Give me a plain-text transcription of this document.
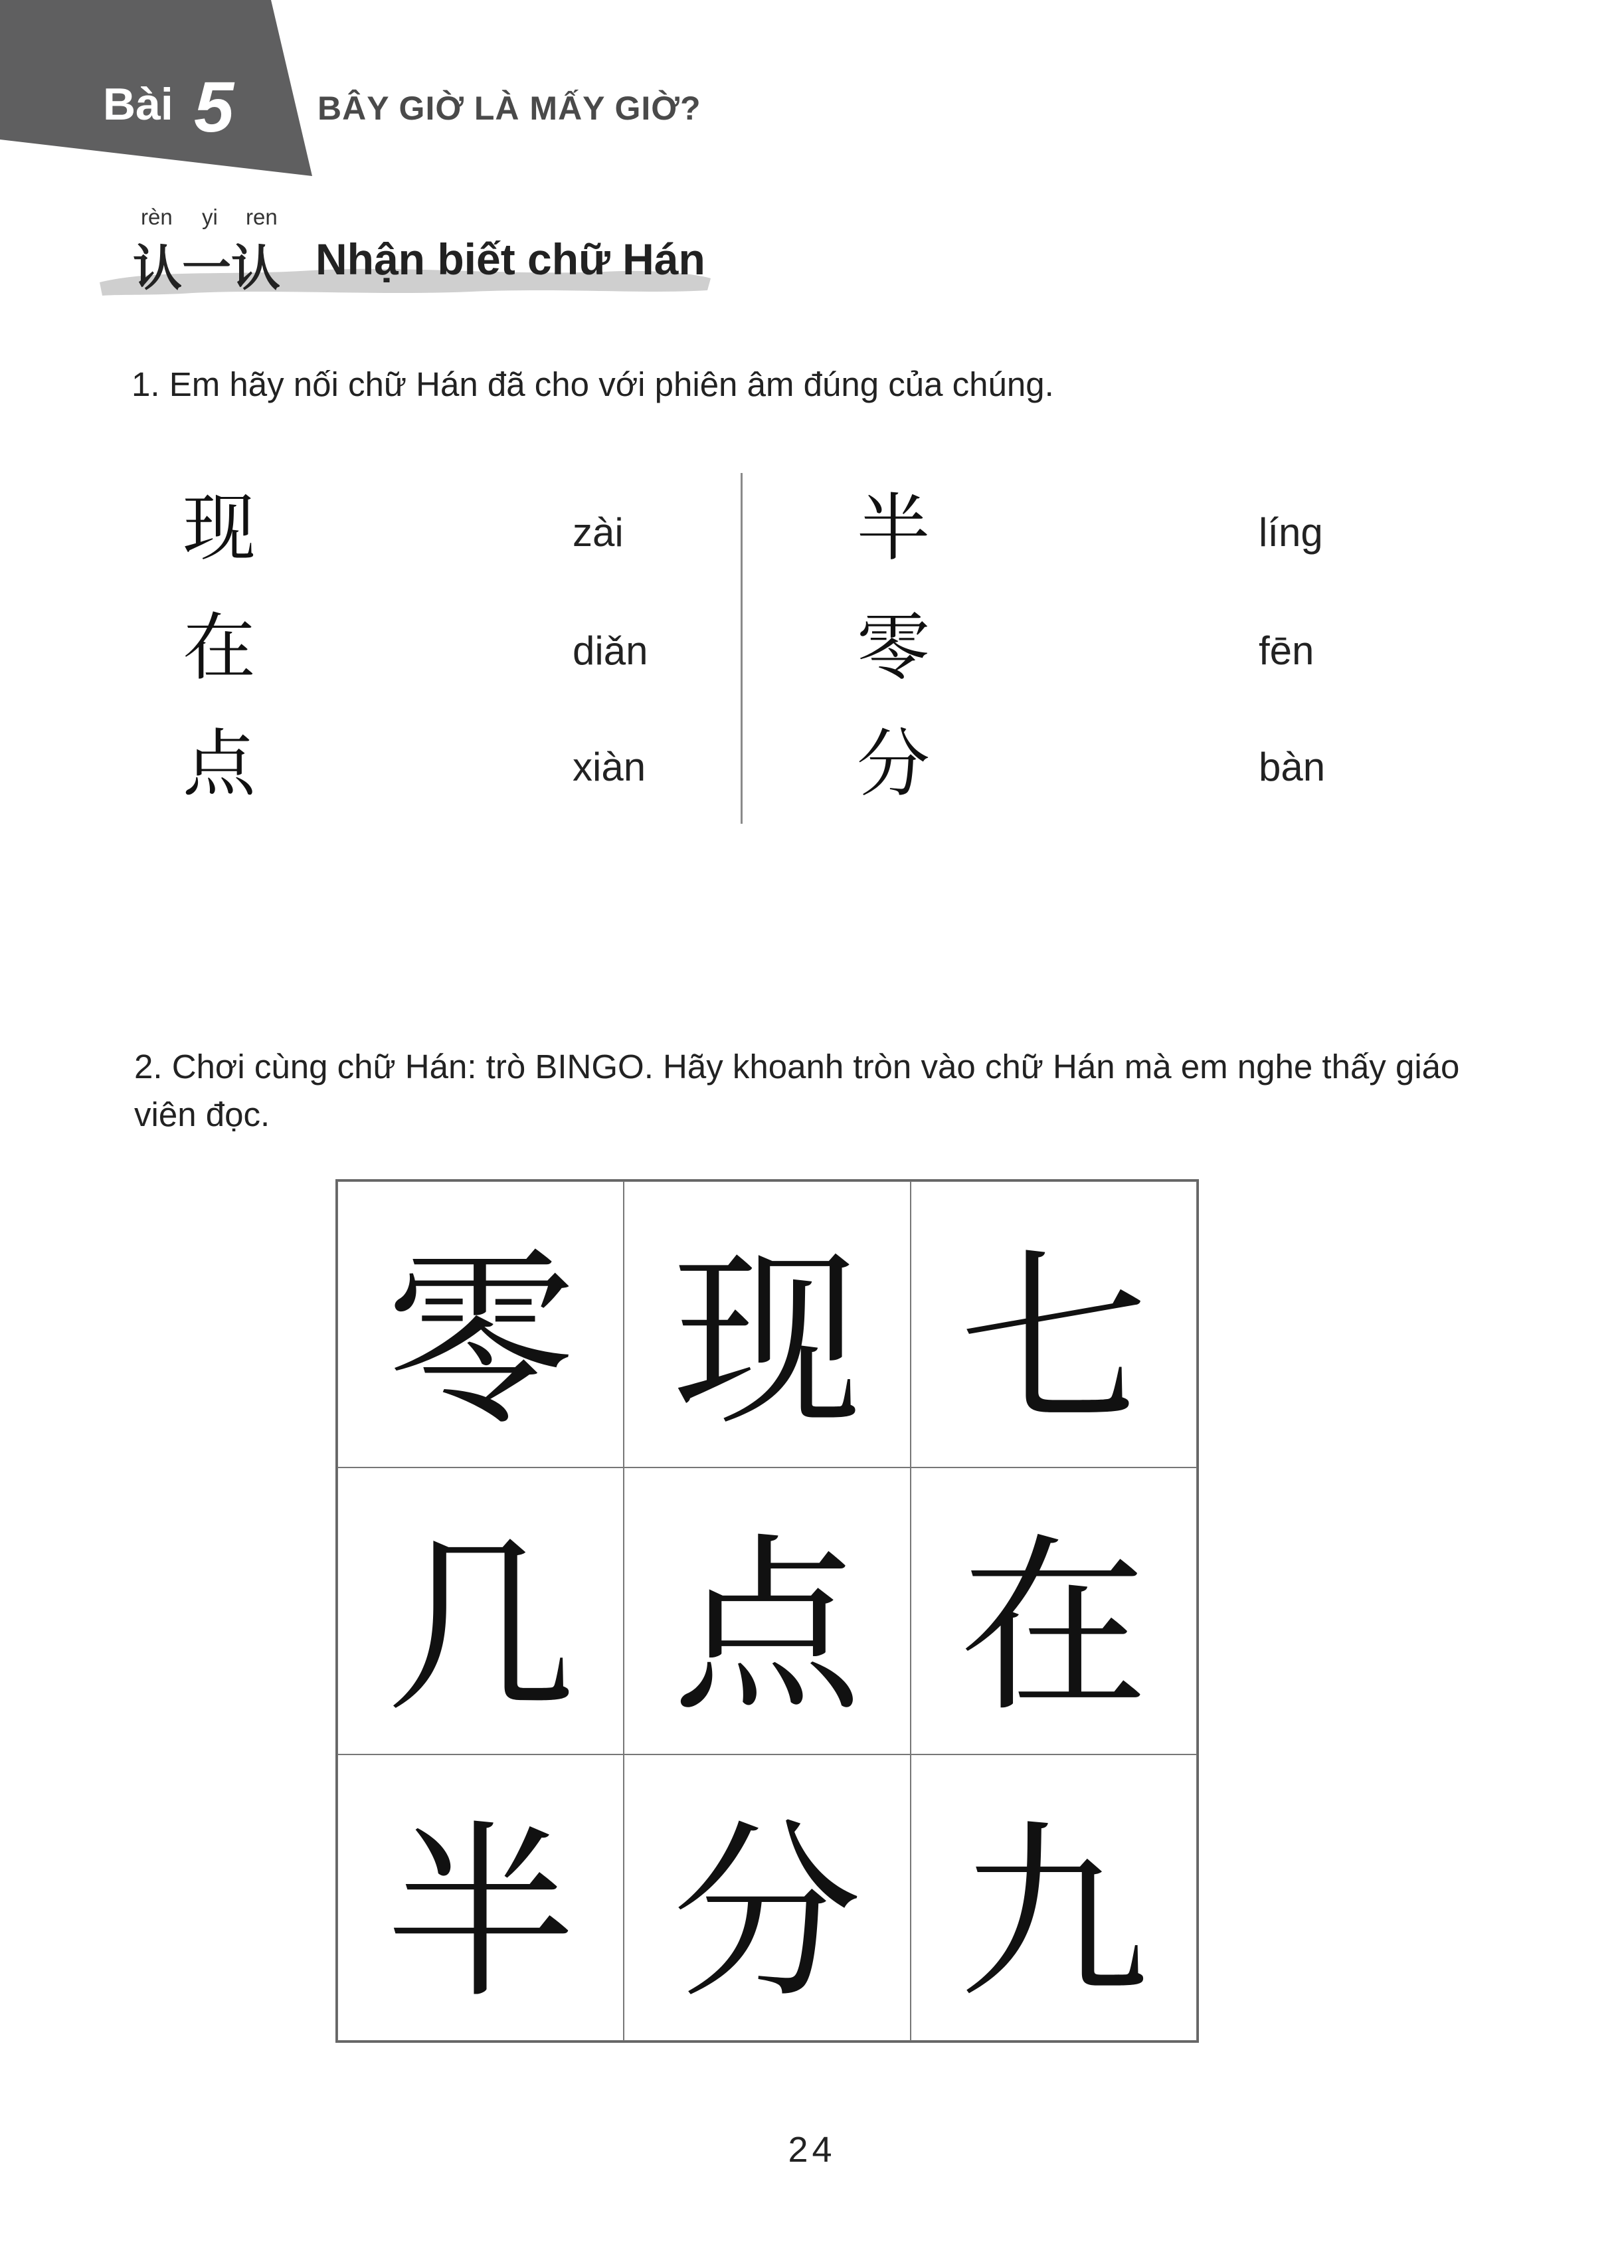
Bài 5	BÂY GIỜ LÀ MẤY GIỜ?
rèn yi ren
认一认 Nhận biết chữ Hán
1. Em hãy nối chữ Hán đã cho với phiên âm đúng của chúng.
现
在
点
zài
diǎn
xiàn
半
零
分
líng
fēn
bàn
2. Chơi cùng chữ Hán: trò BINGO. Hãy khoanh tròn vào chữ Hán mà em nghe thấy giáo viên đọc.
零 现 七
几 点 在
半 分 九
24
